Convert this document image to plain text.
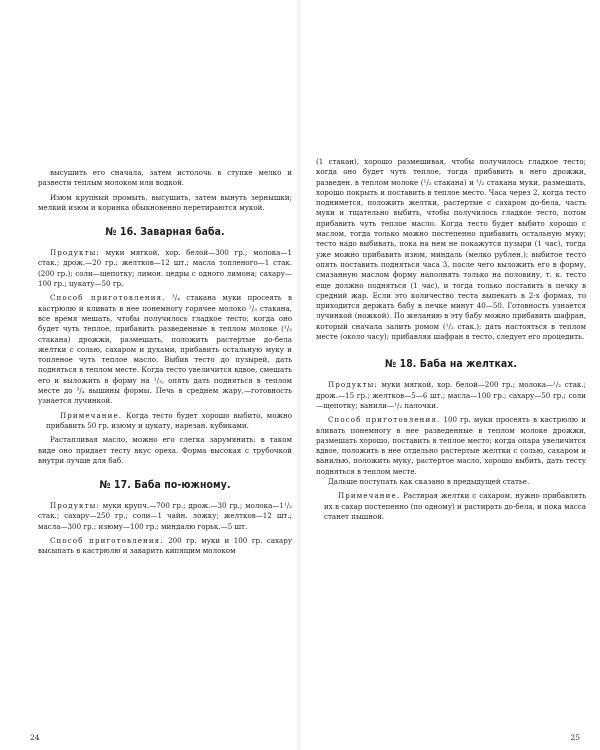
высушить его сначала, затем истолочь в ступке мелко и развести теплым молоком или водкой.

Изюм крупный промыть, высушить, затем вынуть зернышки; мелкий изюм и коринка обыкновенно перетираются мукой.

№ 16. Заварная баба.

Продукты: муки мягкой, хор. белой—300 гр.; молока—1 стак.; дрож.—20 гр.; желтков—12 шт.; масла топленого—1 стак. (200 гр.); соли—щепотку; лимон. цедры с одного лимона; сахару—100 гр.; цукату—50 гр.

Способ приготовления. ³/₄ стакана муки просеять в кастрюлю и кливать в нее понемногу горячее молоко ²/₃ стакана, все время мешать, чтобы получилось гладкое тесто; когда оно будет чуть теплое, прибавить разведенные в теплом молоке (¹/₃ стакана) дрожжи, размешать, положить растертые до-бела желтки с солью, сахаром и духами, прибавить остальную муку и топленое чуть теплое масло. Выбив тесто до пузырей, дать подняться в теплом месте. Когда тесто увеличится вдвое, смешать его и выложить в форму на ¹/₃, опять дать подняться в теплом месте до ³/₄ вышины формы. Печь в среднем жару,—готовность узнается лучинкой.

Примечание. Когда тесто будет хорошо выбито, можно прибавить 50 гр. изюму и цукату, нарезан. кубиками.

Растапливая масло, можно его слегка зарумянить: в таком виде оно придает тесту вкус ореха. Форма высокая с трубочкой внутри лучше для баб.

№ 17. Баба по-южному.

Продукты: муки крупч.—700 гр.; дрож.—30 гр.; молока—1¹/₂ стак.; сахару—250 гр.; соли—1 чайн. ложку; желтков—12 шт.; масла—300 гр.; изюму—100 гр.; миндалю горьк.—5 шт.

Способ приготовления. 200 гр. муки и 100 гр. сахару высыпать в кастрюлю и заварить кипящим молоком

24

(1 стакан), хорошо размешивая, чтобы получилось гладкое тесто; когда оно будет чуть теплое, тогда прибавить в него дрожжи, разведен. в теплом молоке (¹/₂ стакана) и ¹/₂ стакана муки, размешать, хорошо покрыть и поставить в теплое место. Часа через 2, когда тесто поднимется, положить желтки, растертые с сахаром до-бела, часть муки и тщательно выбить, чтобы получилось гладкое тесто, потом прибавить чуть теплое масло. Когда тесто будет выбито хорошо с маслом, тогда только можно постепенно прибавить остальную муку; тесто надо выбивать, пока на нем не покажутся пузыри (1 час), тогда уже можно прибавить изюм, миндаль (мелко рублен.); выбитое тесто опять поставить подняться часа 3, после чего выложить его в форму, смазанную маслом форму наполнять только на половину, т. к. тесто еще должно подняться (1 час), и тогда только поставить в печку в средний жар. Если это количество теста выпекать в 2-х формах, то приходится держать бабу в печке минут 40—50. Готовность узнается лучинкой (ножкой). По желанию в эту бабу можно прибавить шафран, который сначала залить ромом (¹/₂ стак.); дать настояться в теплом месте (около часу); прибавляя шафран в тесто, следует его процедить.

№ 18. Баба на желтках.

Продукты: муки мягкой, хор. белой—200 гр.; молока—¹/₂ стак.; дрож.—15 гр.; желтков—5—6 шт.; масла—100 гр.; сахару—50 гр.; соли—щепотку; ванили—¹/₂ палочки.

Способ приготовления. 100 гр. муки просеять в кастрюлю и вливать понемногу в нее разведенные в теплом молоке дрожжи, размешать хорошо, поставить в теплое место; когда опара увеличится вдвое, положить в нее отдельно растертые желтки с солью, сахаром и ванилью, положить муку, растертое масло, хорошо выбить, дать тесту подняться в теплом месте.

Дальше поступать как сказано в предыдущей статье.

Примечание. Растирая желтки с сахаром, нужно прибавлять их в сахар постепенно (по одному) и растирать до-бела, и пока масса станет пышной.

25
